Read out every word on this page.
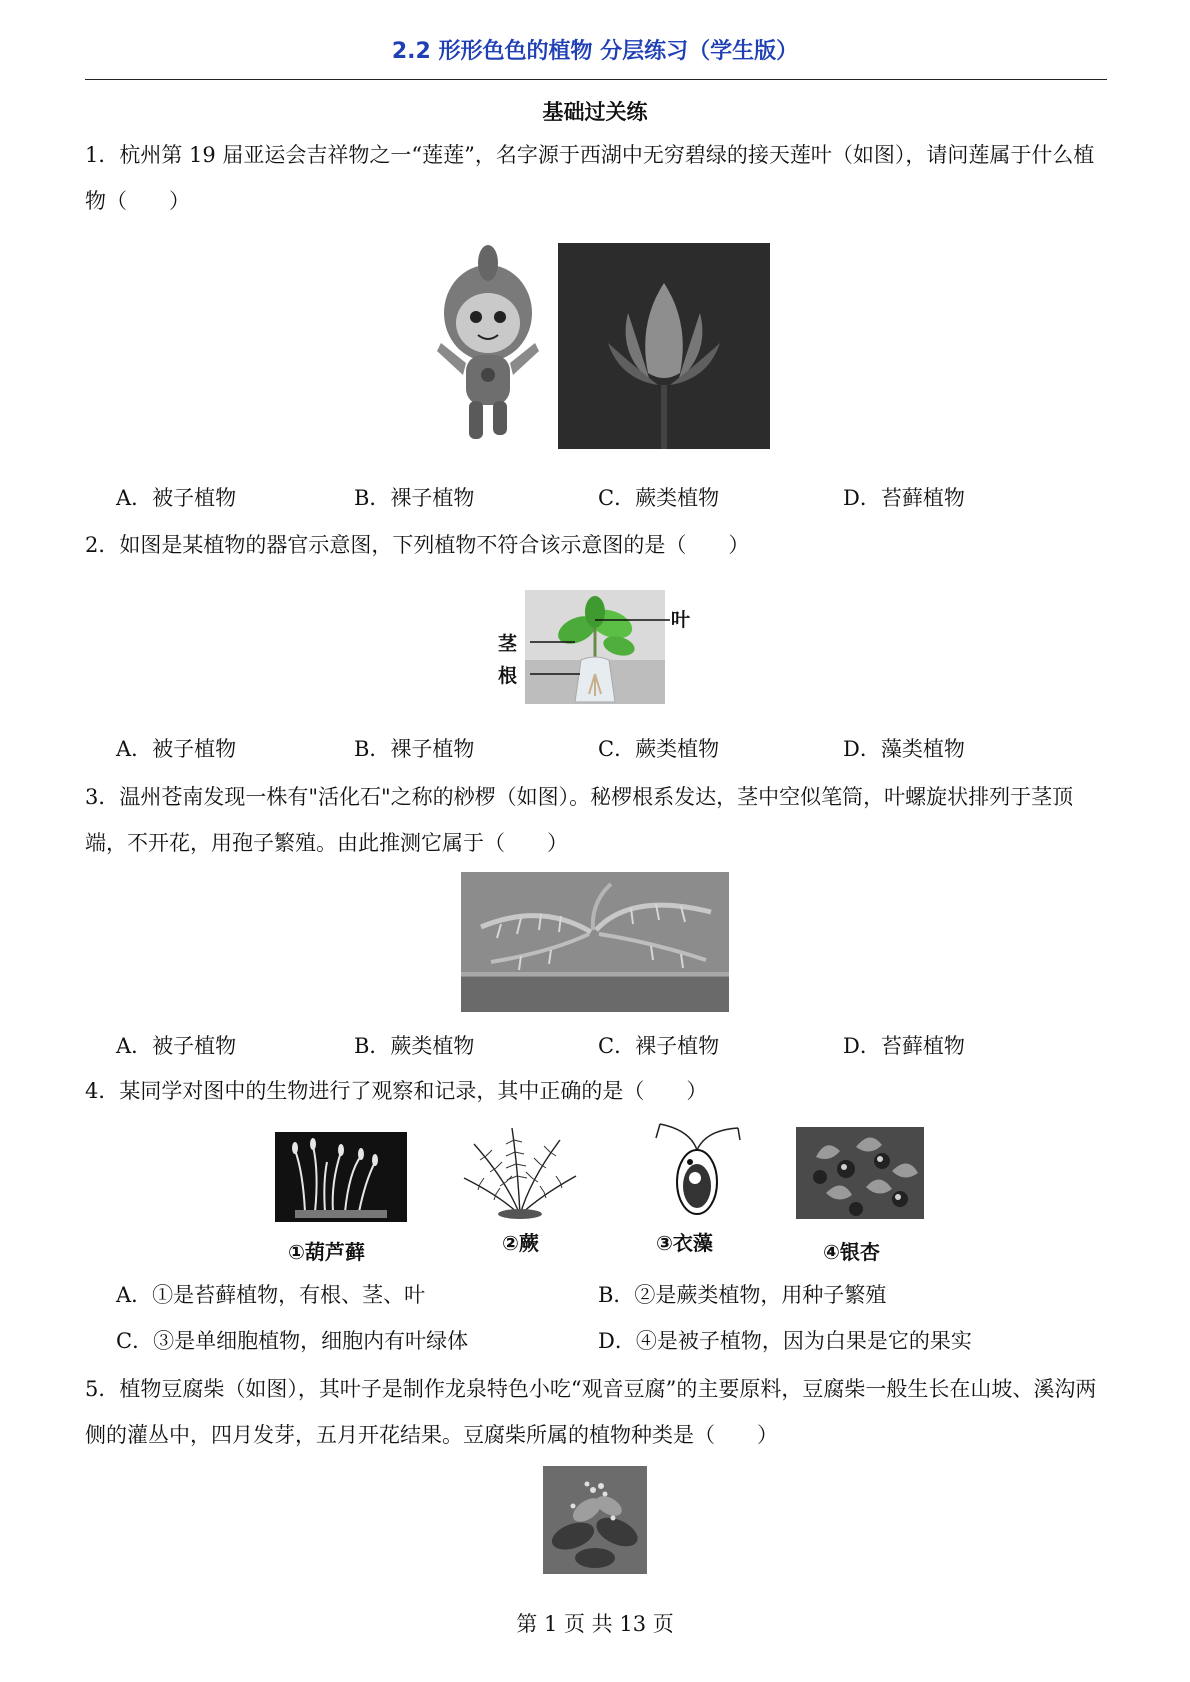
2.2 形形色色的植物 分层练习（学生版）
基础过关练
1．杭州第 19 届亚运会吉祥物之一“莲莲”，名字源于西湖中无穷碧绿的接天莲叶（如图），请问莲属于什么植物（　　）
A．被子植物	B．裸子植物	C．蕨类植物	D．苔藓植物
2．如图是某植物的器官示意图，下列植物不符合该示意图的是（　　）
叶
茎
根
A．被子植物	B．裸子植物	C．蕨类植物	D．藻类植物
3．温州苍南发现一株有"活化石"之称的桫椤（如图）。秘椤根系发达，茎中空似笔筒，叶螺旋状排列于茎顶端，不开花，用孢子繁殖。由此推测它属于（　　）
A．被子植物	B．蕨类植物	C．裸子植物	D．苔藓植物
4．某同学对图中的生物进行了观察和记录，其中正确的是（　　）
①葫芦藓	②蕨	③衣藻	④银杏
A．①是苔藓植物，有根、茎、叶	B．②是蕨类植物，用种子繁殖
C．③是单细胞植物，细胞内有叶绿体	D．④是被子植物，因为白果是它的果实
5．植物豆腐柴（如图），其叶子是制作龙泉特色小吃“观音豆腐”的主要原料，豆腐柴一般生长在山坡、溪沟两侧的灌丛中，四月发芽，五月开花结果。豆腐柴所属的植物种类是（　　）
第 1 页 共 13 页
